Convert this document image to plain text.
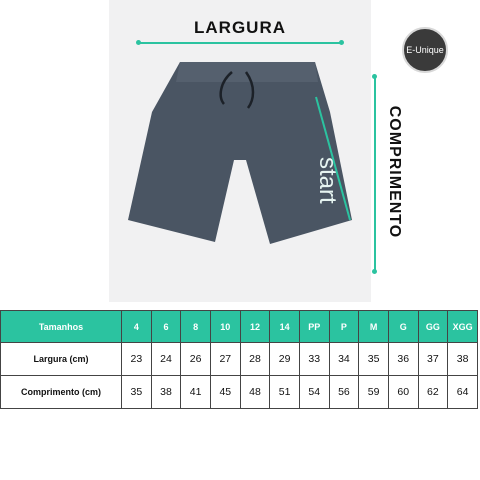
LARGURA
COMPRIMENTO
E-Unique
start
Tamanhos	4	6	8	10	12	14	PP	P	M	G	GG	XGG
Largura (cm)	23	24	26	27	28	29	33	34	35	36	37	38
Comprimento (cm)	35	38	41	45	48	51	54	56	59	60	62	64
